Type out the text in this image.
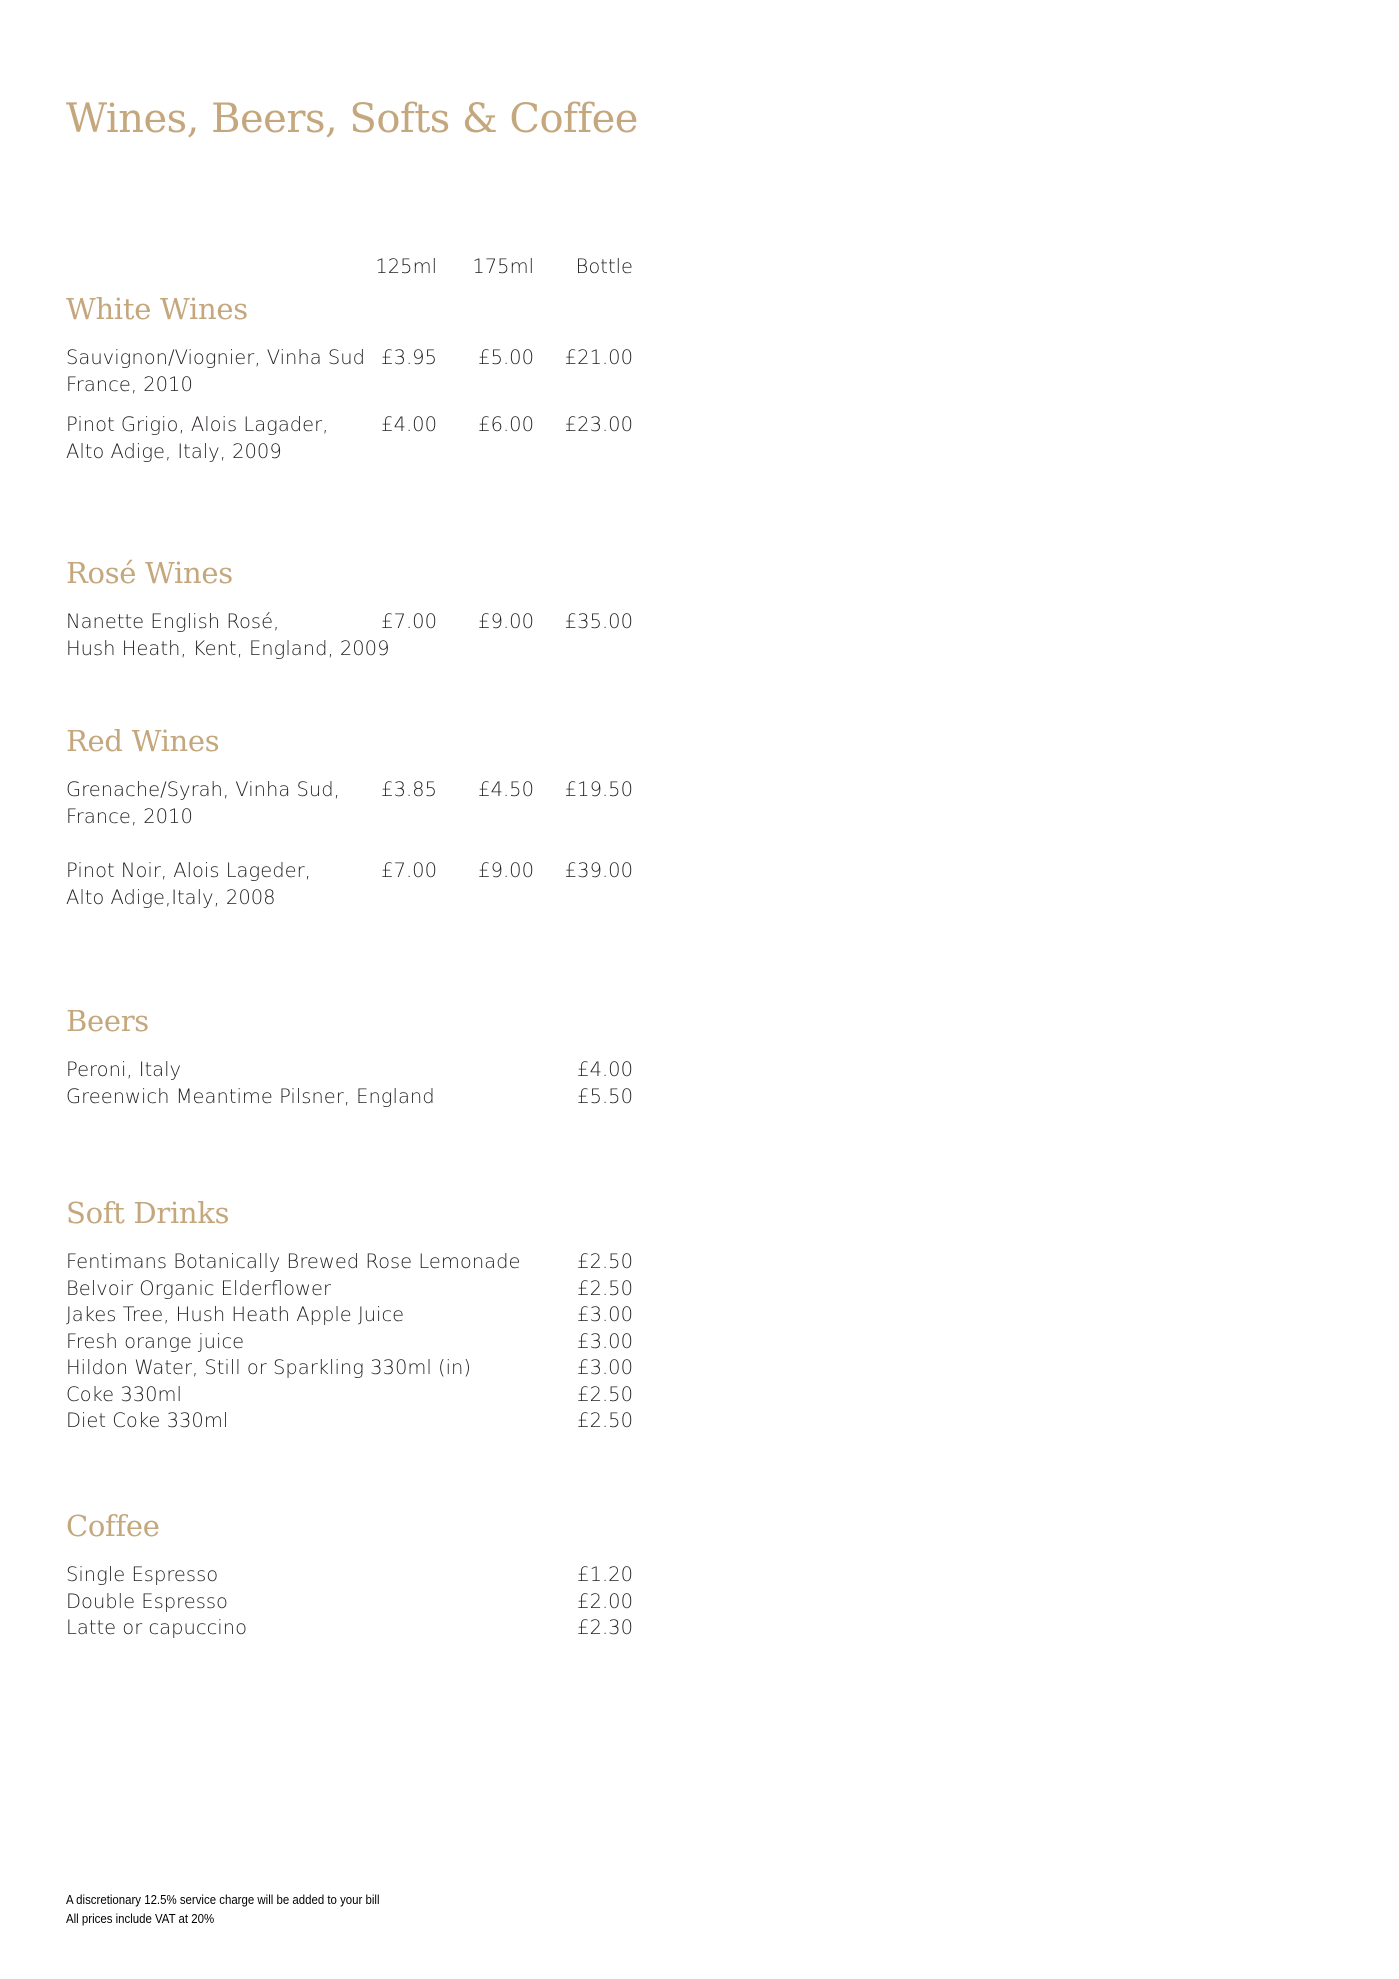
Wines, Beers, Softs & Coffee
125ml 175ml Bottle
White Wines
Sauvignon/Viognier, Vinha Sud
France, 2010
£3.95 £5.00 £21.00
Pinot Grigio, Alois Lagader,
Alto Adige, Italy, 2009
£4.00 £6.00 £23.00
Rosé Wines
Nanette English Rosé,
Hush Heath, Kent, England, 2009
£7.00 £9.00 £35.00
Red Wines
Grenache/Syrah, Vinha Sud,
France, 2010
£3.85 £4.50 £19.50
Pinot Noir, Alois Lageder,
Alto Adige,Italy, 2008
£7.00 £9.00 £39.00
Beers
Peroni, Italy	£4.00
Greenwich Meantime Pilsner, England	£5.50
Soft Drinks
Fentimans Botanically Brewed Rose Lemonade	£2.50
Belvoir Organic Elderflower	£2.50
Jakes Tree, Hush Heath Apple Juice	£3.00
Fresh orange juice	£3.00
Hildon Water, Still or Sparkling 330ml (in)	£3.00
Coke 330ml	£2.50
Diet Coke 330ml	£2.50
Coffee
Single Espresso	£1.20
Double Espresso	£2.00
Latte or capuccino	£2.30
A discretionary 12.5% service charge will be added to your bill
All prices include VAT at 20%
